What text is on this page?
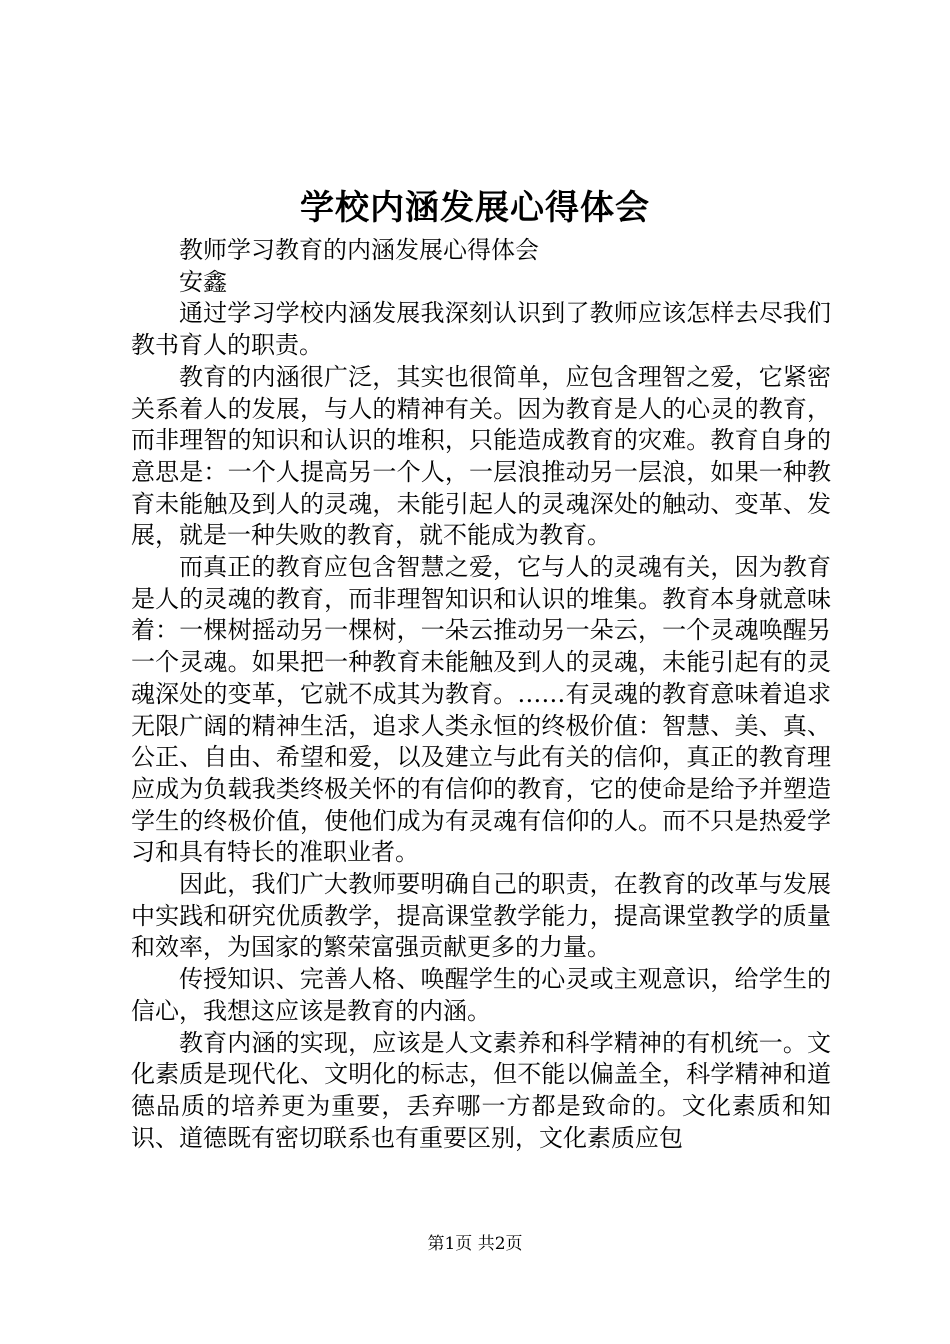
学校内涵发展心得体会

教师学习教育的内涵发展心得体会

安鑫

通过学习学校内涵发展我深刻认识到了教师应该怎样去尽我们教书育人的职责。

教育的内涵很广泛，其实也很简单，应包含理智之爱，它紧密关系着人的发展，与人的精神有关。因为教育是人的心灵的教育，而非理智的知识和认识的堆积，只能造成教育的灾难。教育自身的意思是：一个人提高另一个人，一层浪推动另一层浪，如果一种教育未能触及到人的灵魂，未能引起人的灵魂深处的触动、变革、发展，就是一种失败的教育，就不能成为教育。

而真正的教育应包含智慧之爱，它与人的灵魂有关，因为教育是人的灵魂的教育，而非理智知识和认识的堆集。教育本身就意味着：一棵树摇动另一棵树，一朵云推动另一朵云，一个灵魂唤醒另一个灵魂。如果把一种教育未能触及到人的灵魂，未能引起有的灵魂深处的变革，它就不成其为教育。……有灵魂的教育意味着追求无限广阔的精神生活，追求人类永恒的终极价值：智慧、美、真、公正、自由、希望和爱，以及建立与此有关的信仰，真正的教育理应成为负载我类终极关怀的有信仰的教育，它的使命是给予并塑造学生的终极价值，使他们成为有灵魂有信仰的人。而不只是热爱学习和具有特长的准职业者。

因此，我们广大教师要明确自己的职责，在教育的改革与发展中实践和研究优质教学，提高课堂教学能力，提高课堂教学的质量和效率，为国家的繁荣富强贡献更多的力量。

传授知识、完善人格、唤醒学生的心灵或主观意识，给学生的信心，我想这应该是教育的内涵。

教育内涵的实现，应该是人文素养和科学精神的有机统一。文化素质是现代化、文明化的标志，但不能以偏盖全，科学精神和道德品质的培养更为重要，丢弃哪一方都是致命的。文化素质和知识、道德既有密切联系也有重要区别，文化素质应包

第1页 共2页
